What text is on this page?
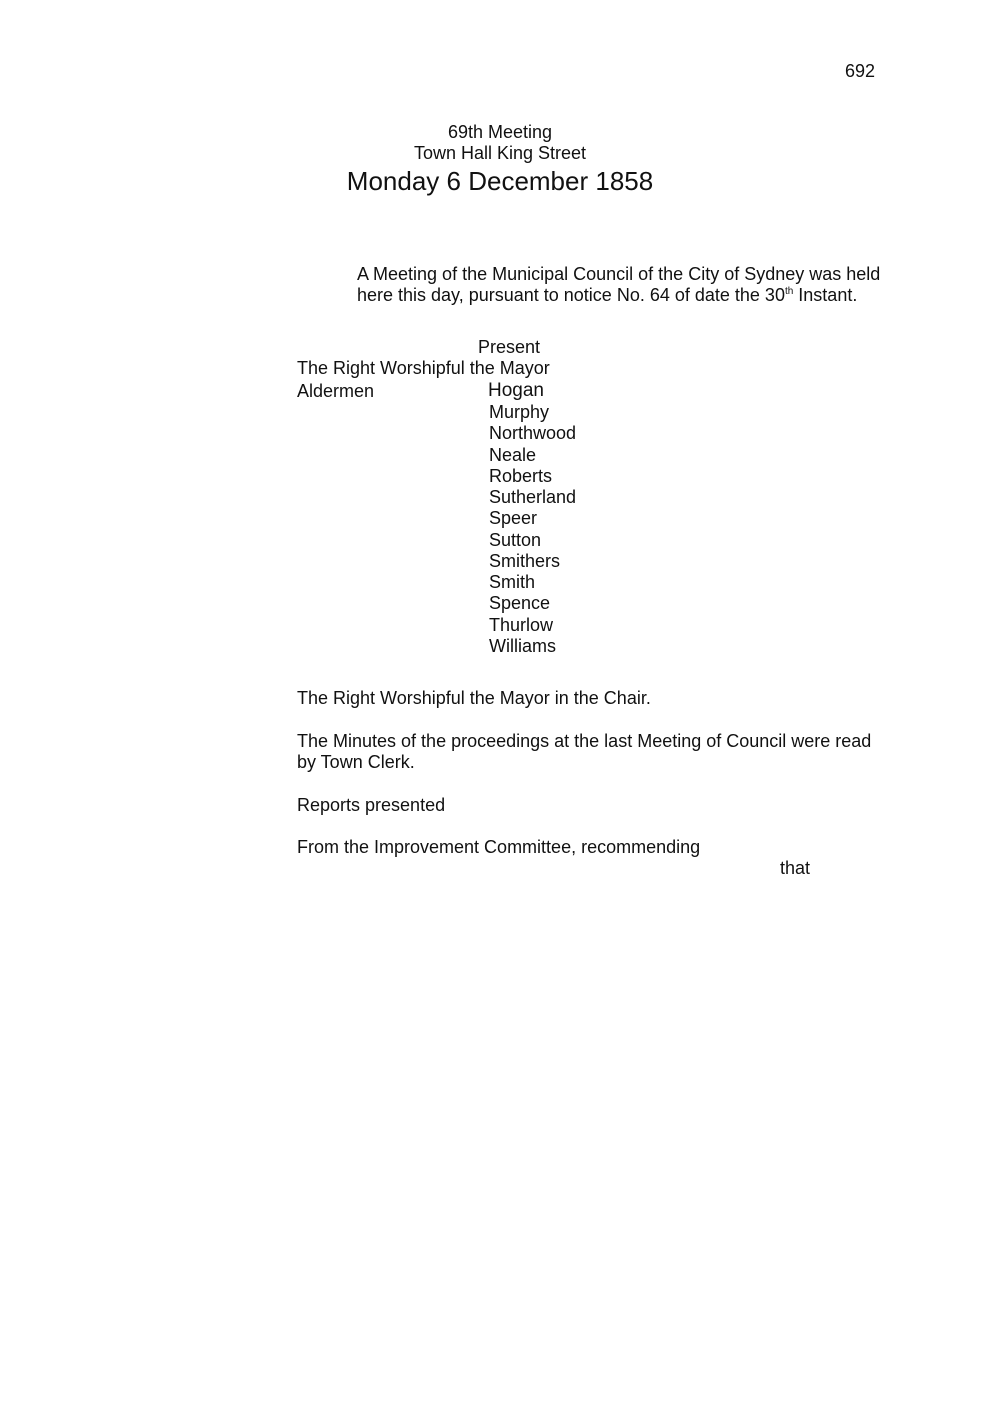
692
69th Meeting
Town Hall King Street
Monday 6 December 1858
A Meeting of the Municipal Council of the City of Sydney was held
here this day, pursuant to notice No. 64 of date the 30th Instant.
Present
The Right Worshipful the Mayor
Aldermen	Hogan
Murphy
Northwood
Neale
Roberts
Sutherland
Speer
Sutton
Smithers
Smith
Spence
Thurlow
Williams
The Right Worshipful the Mayor in the Chair.
The Minutes of the proceedings at the last Meeting of Council were read
by Town Clerk.
Reports presented
From the Improvement Committee, recommending
that
